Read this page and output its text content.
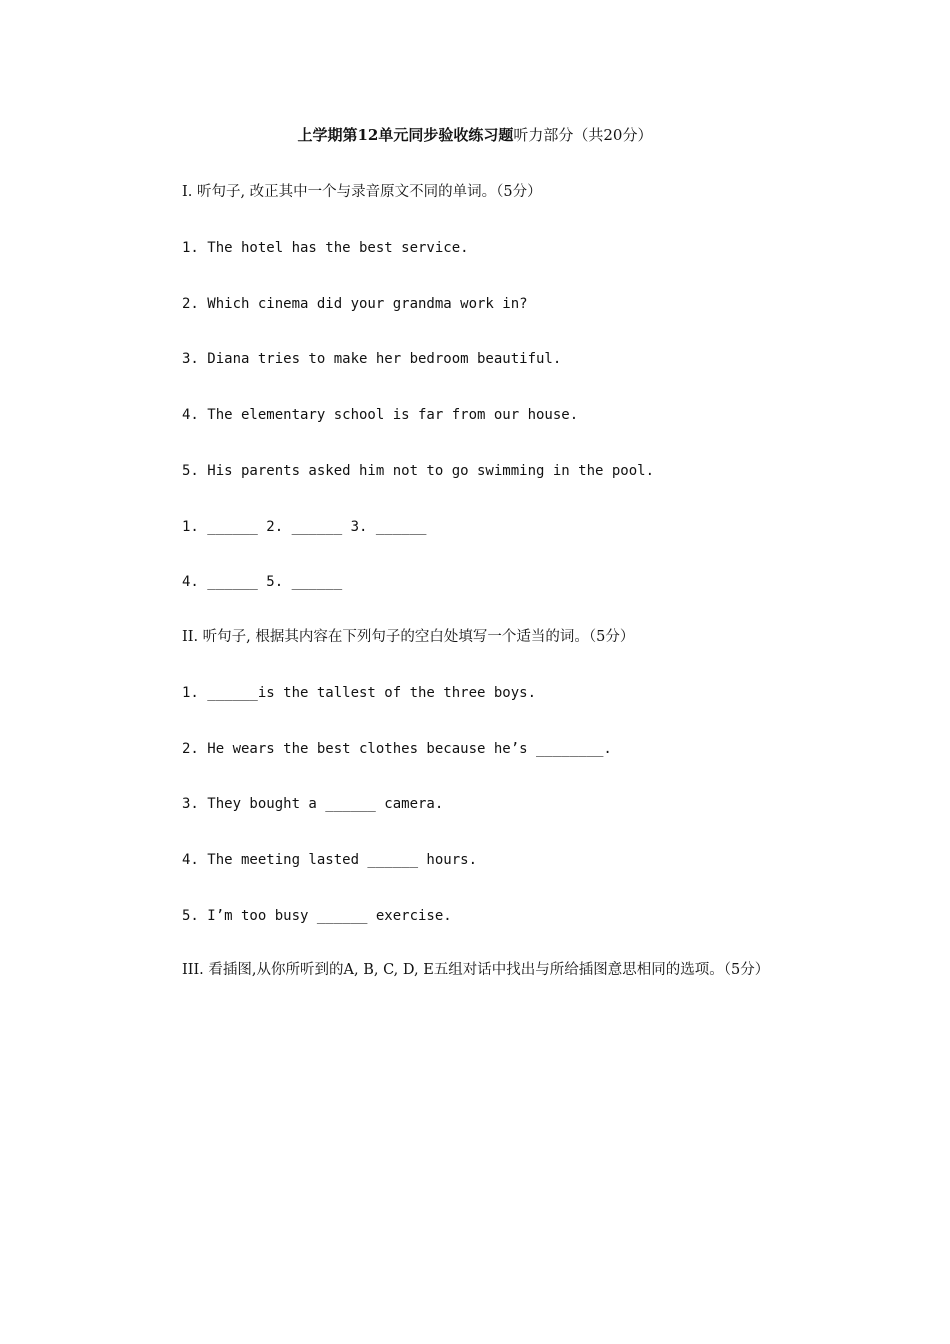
上学期第12单元同步验收练习题听力部分（共20分）
I. 听句子, 改正其中一个与录音原文不同的单词。（5分）
1. The hotel has the best service.
2. Which cinema did your grandma work in?
3. Diana tries to make her bedroom beautiful.
4. The elementary school is far from our house.
5. His parents asked him not to go swimming in the pool.
1. ______ 2. ______ 3. ______
4. ______ 5. ______
II. 听句子, 根据其内容在下列句子的空白处填写一个适当的词。（5分）
1. ______is the tallest of the three boys.
2. He wears the best clothes because he’s ________.
3. They bought a ______ camera.
4. The meeting lasted ______ hours.
5. I’m too busy ______ exercise.
III. 看插图,从你所听到的A, B, C, D, E五组对话中找出与所给插图意思相同的选项。（5分）
